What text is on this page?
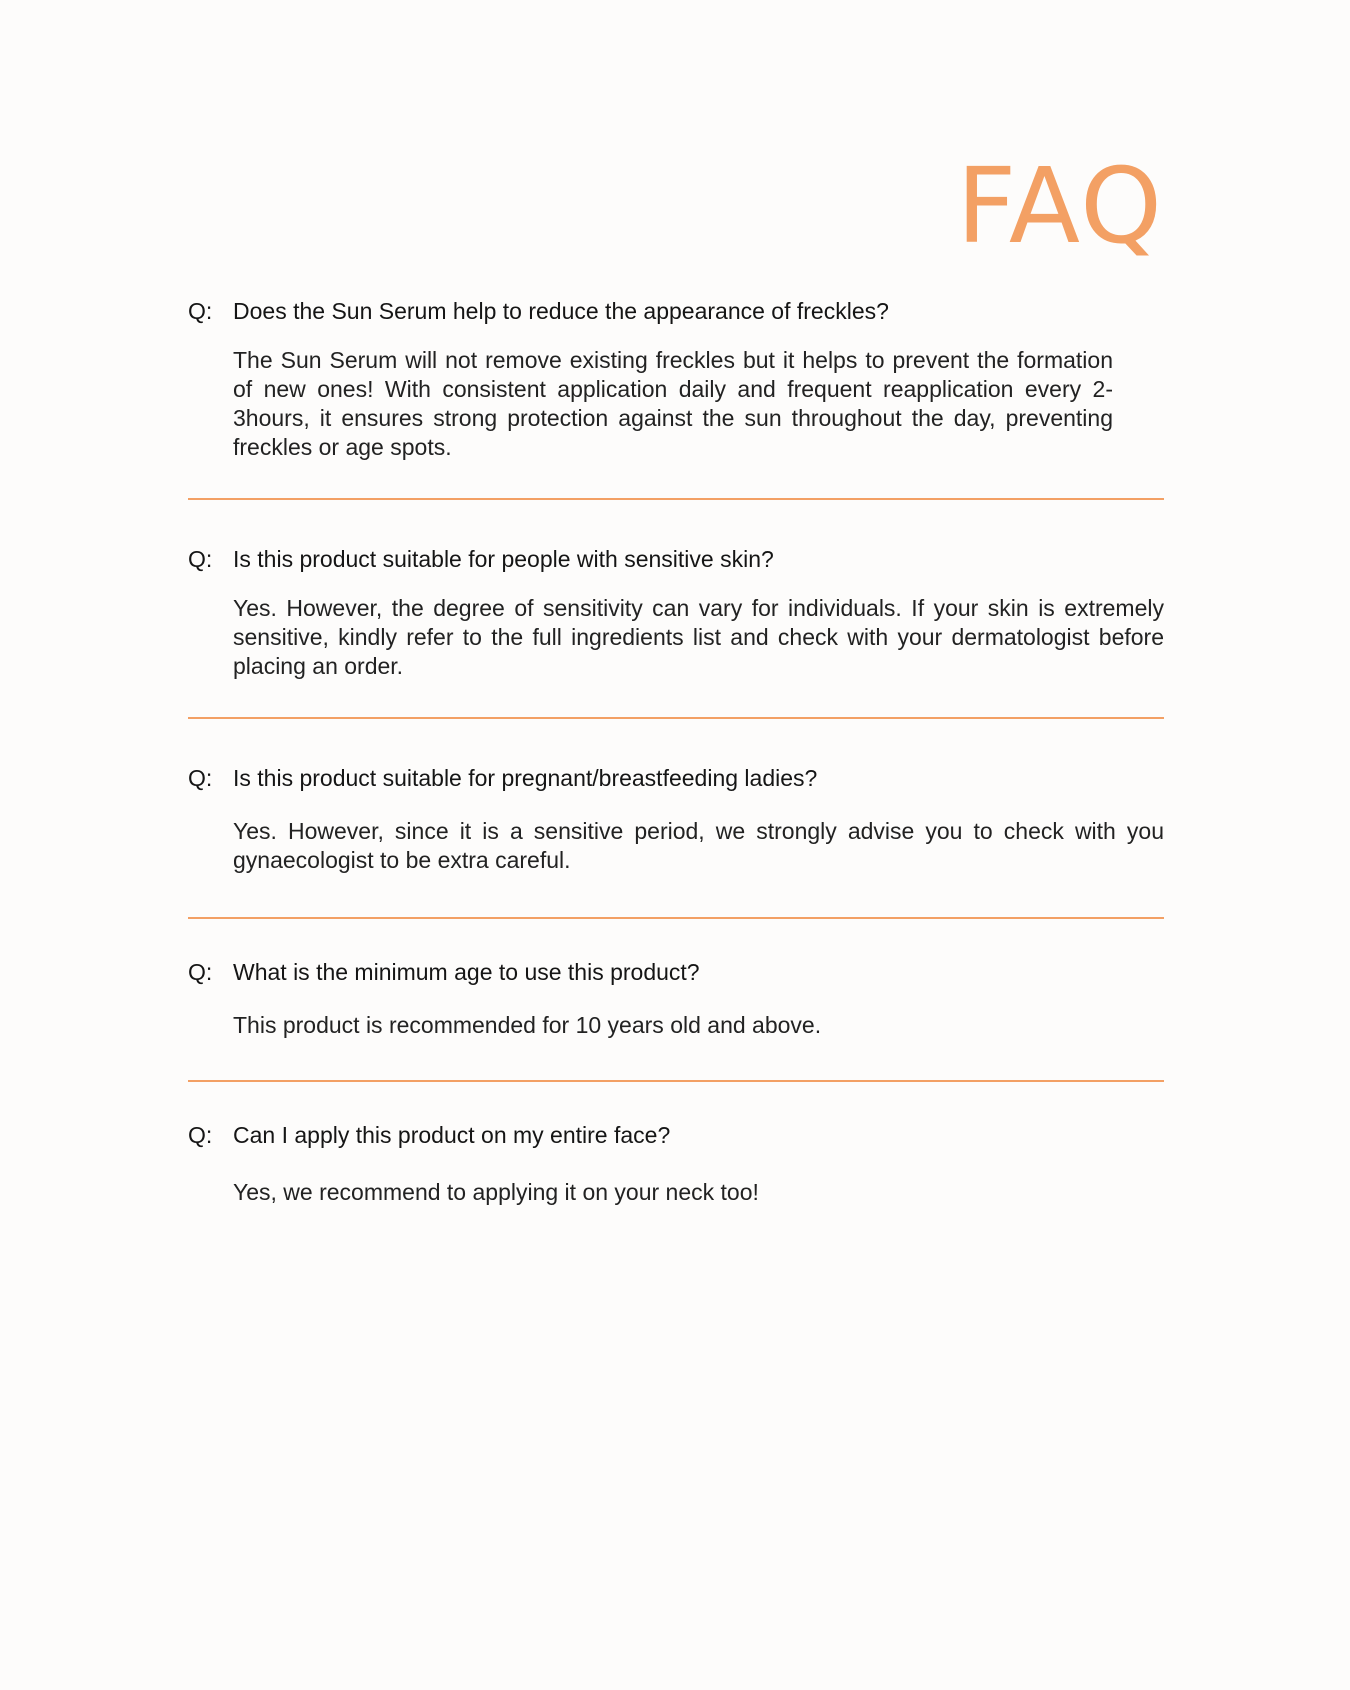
FAQ
Q: Does the Sun Serum help to reduce the appearance of freckles?
The Sun Serum will not remove existing freckles but it helps to prevent the formation of new ones! With consistent application daily and frequent reapplication every 2-3hours, it ensures strong protection against the sun throughout the day, preventing freckles or age spots.
Q: Is this product suitable for people with sensitive skin?
Yes. However, the degree of sensitivity can vary for individuals. If your skin is extremely sensitive, kindly refer to the full ingredients list and check with your dermatologist before placing an order.
Q: Is this product suitable for pregnant/breastfeeding ladies?
Yes. However, since it is a sensitive period, we strongly advise you to check with you gynaecologist to be extra careful.
Q: What is the minimum age to use this product?
This product is recommended for 10 years old and above.
Q: Can I apply this product on my entire face?
Yes, we recommend to applying it on your neck too!
